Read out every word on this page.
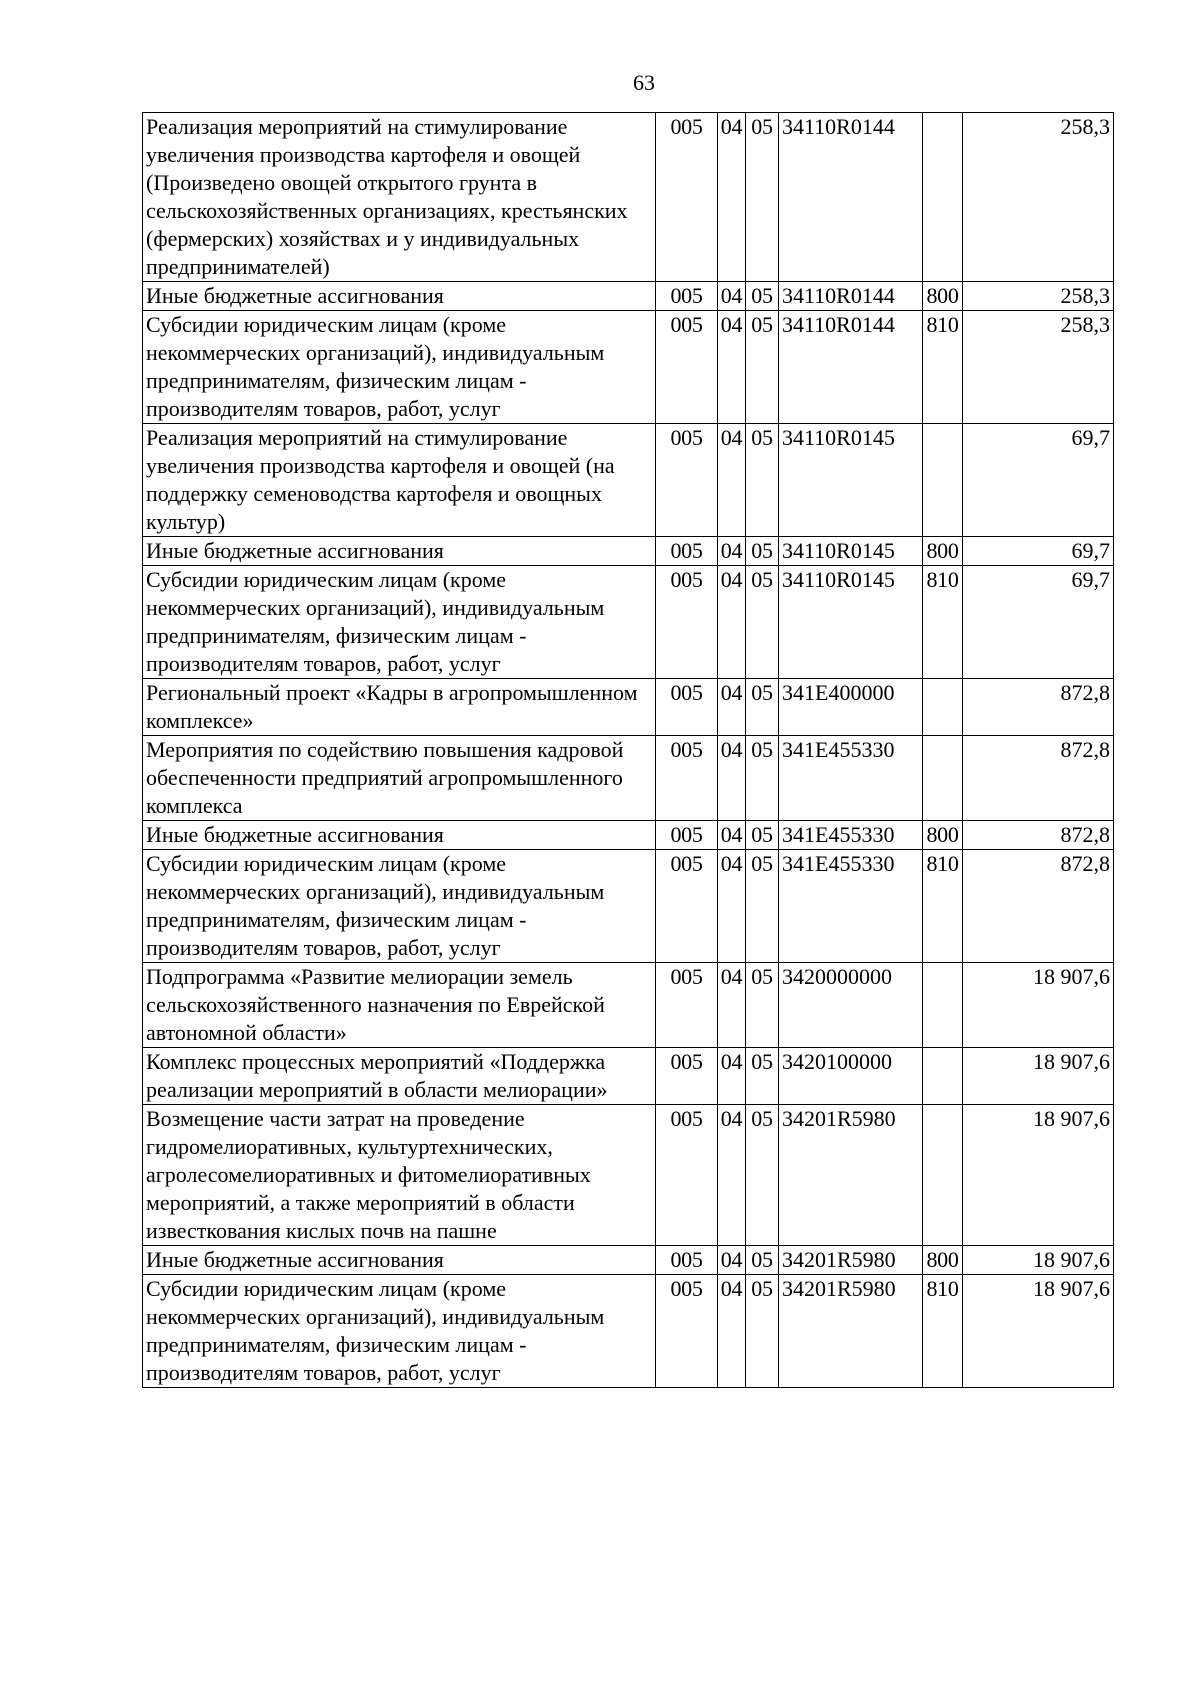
63
Реализация мероприятий на стимулирование увеличения производства картофеля и овощей (Произведено овощей открытого грунта в сельскохозяйственных организациях, крестьянских (фермерских) хозяйствах и у индивидуальных предпринимателей)	005	04	05	34110R0144		258,3
Иные бюджетные ассигнования	005	04	05	34110R0144	800	258,3
Субсидии юридическим лицам (кроме некоммерческих организаций), индивидуальным предпринимателям, физическим лицам - производителям товаров, работ, услуг	005	04	05	34110R0144	810	258,3
Реализация мероприятий на стимулирование увеличения производства картофеля и овощей (на поддержку семеноводства картофеля и овощных культур)	005	04	05	34110R0145		69,7
Иные бюджетные ассигнования	005	04	05	34110R0145	800	69,7
Субсидии юридическим лицам (кроме некоммерческих организаций), индивидуальным предпринимателям, физическим лицам - производителям товаров, работ, услуг	005	04	05	34110R0145	810	69,7
Региональный проект «Кадры в агропромышленном комплексе»	005	04	05	341E400000		872,8
Мероприятия по содействию повышения кадровой обеспеченности предприятий агропромышленного комплекса	005	04	05	341E455330		872,8
Иные бюджетные ассигнования	005	04	05	341E455330	800	872,8
Субсидии юридическим лицам (кроме некоммерческих организаций), индивидуальным предпринимателям, физическим лицам - производителям товаров, работ, услуг	005	04	05	341E455330	810	872,8
Подпрограмма «Развитие мелиорации земель сельскохозяйственного назначения по Еврейской автономной области»	005	04	05	3420000000		18 907,6
Комплекс процессных мероприятий «Поддержка реализации мероприятий в области мелиорации»	005	04	05	3420100000		18 907,6
Возмещение части затрат на проведение гидромелиоративных, культуртехнических, агролесомелиоративных и фитомелиоративных мероприятий, а также мероприятий в области известкования кислых почв на пашне	005	04	05	34201R5980		18 907,6
Иные бюджетные ассигнования	005	04	05	34201R5980	800	18 907,6
Субсидии юридическим лицам (кроме некоммерческих организаций), индивидуальным предпринимателям, физическим лицам - производителям товаров, работ, услуг	005	04	05	34201R5980	810	18 907,6
